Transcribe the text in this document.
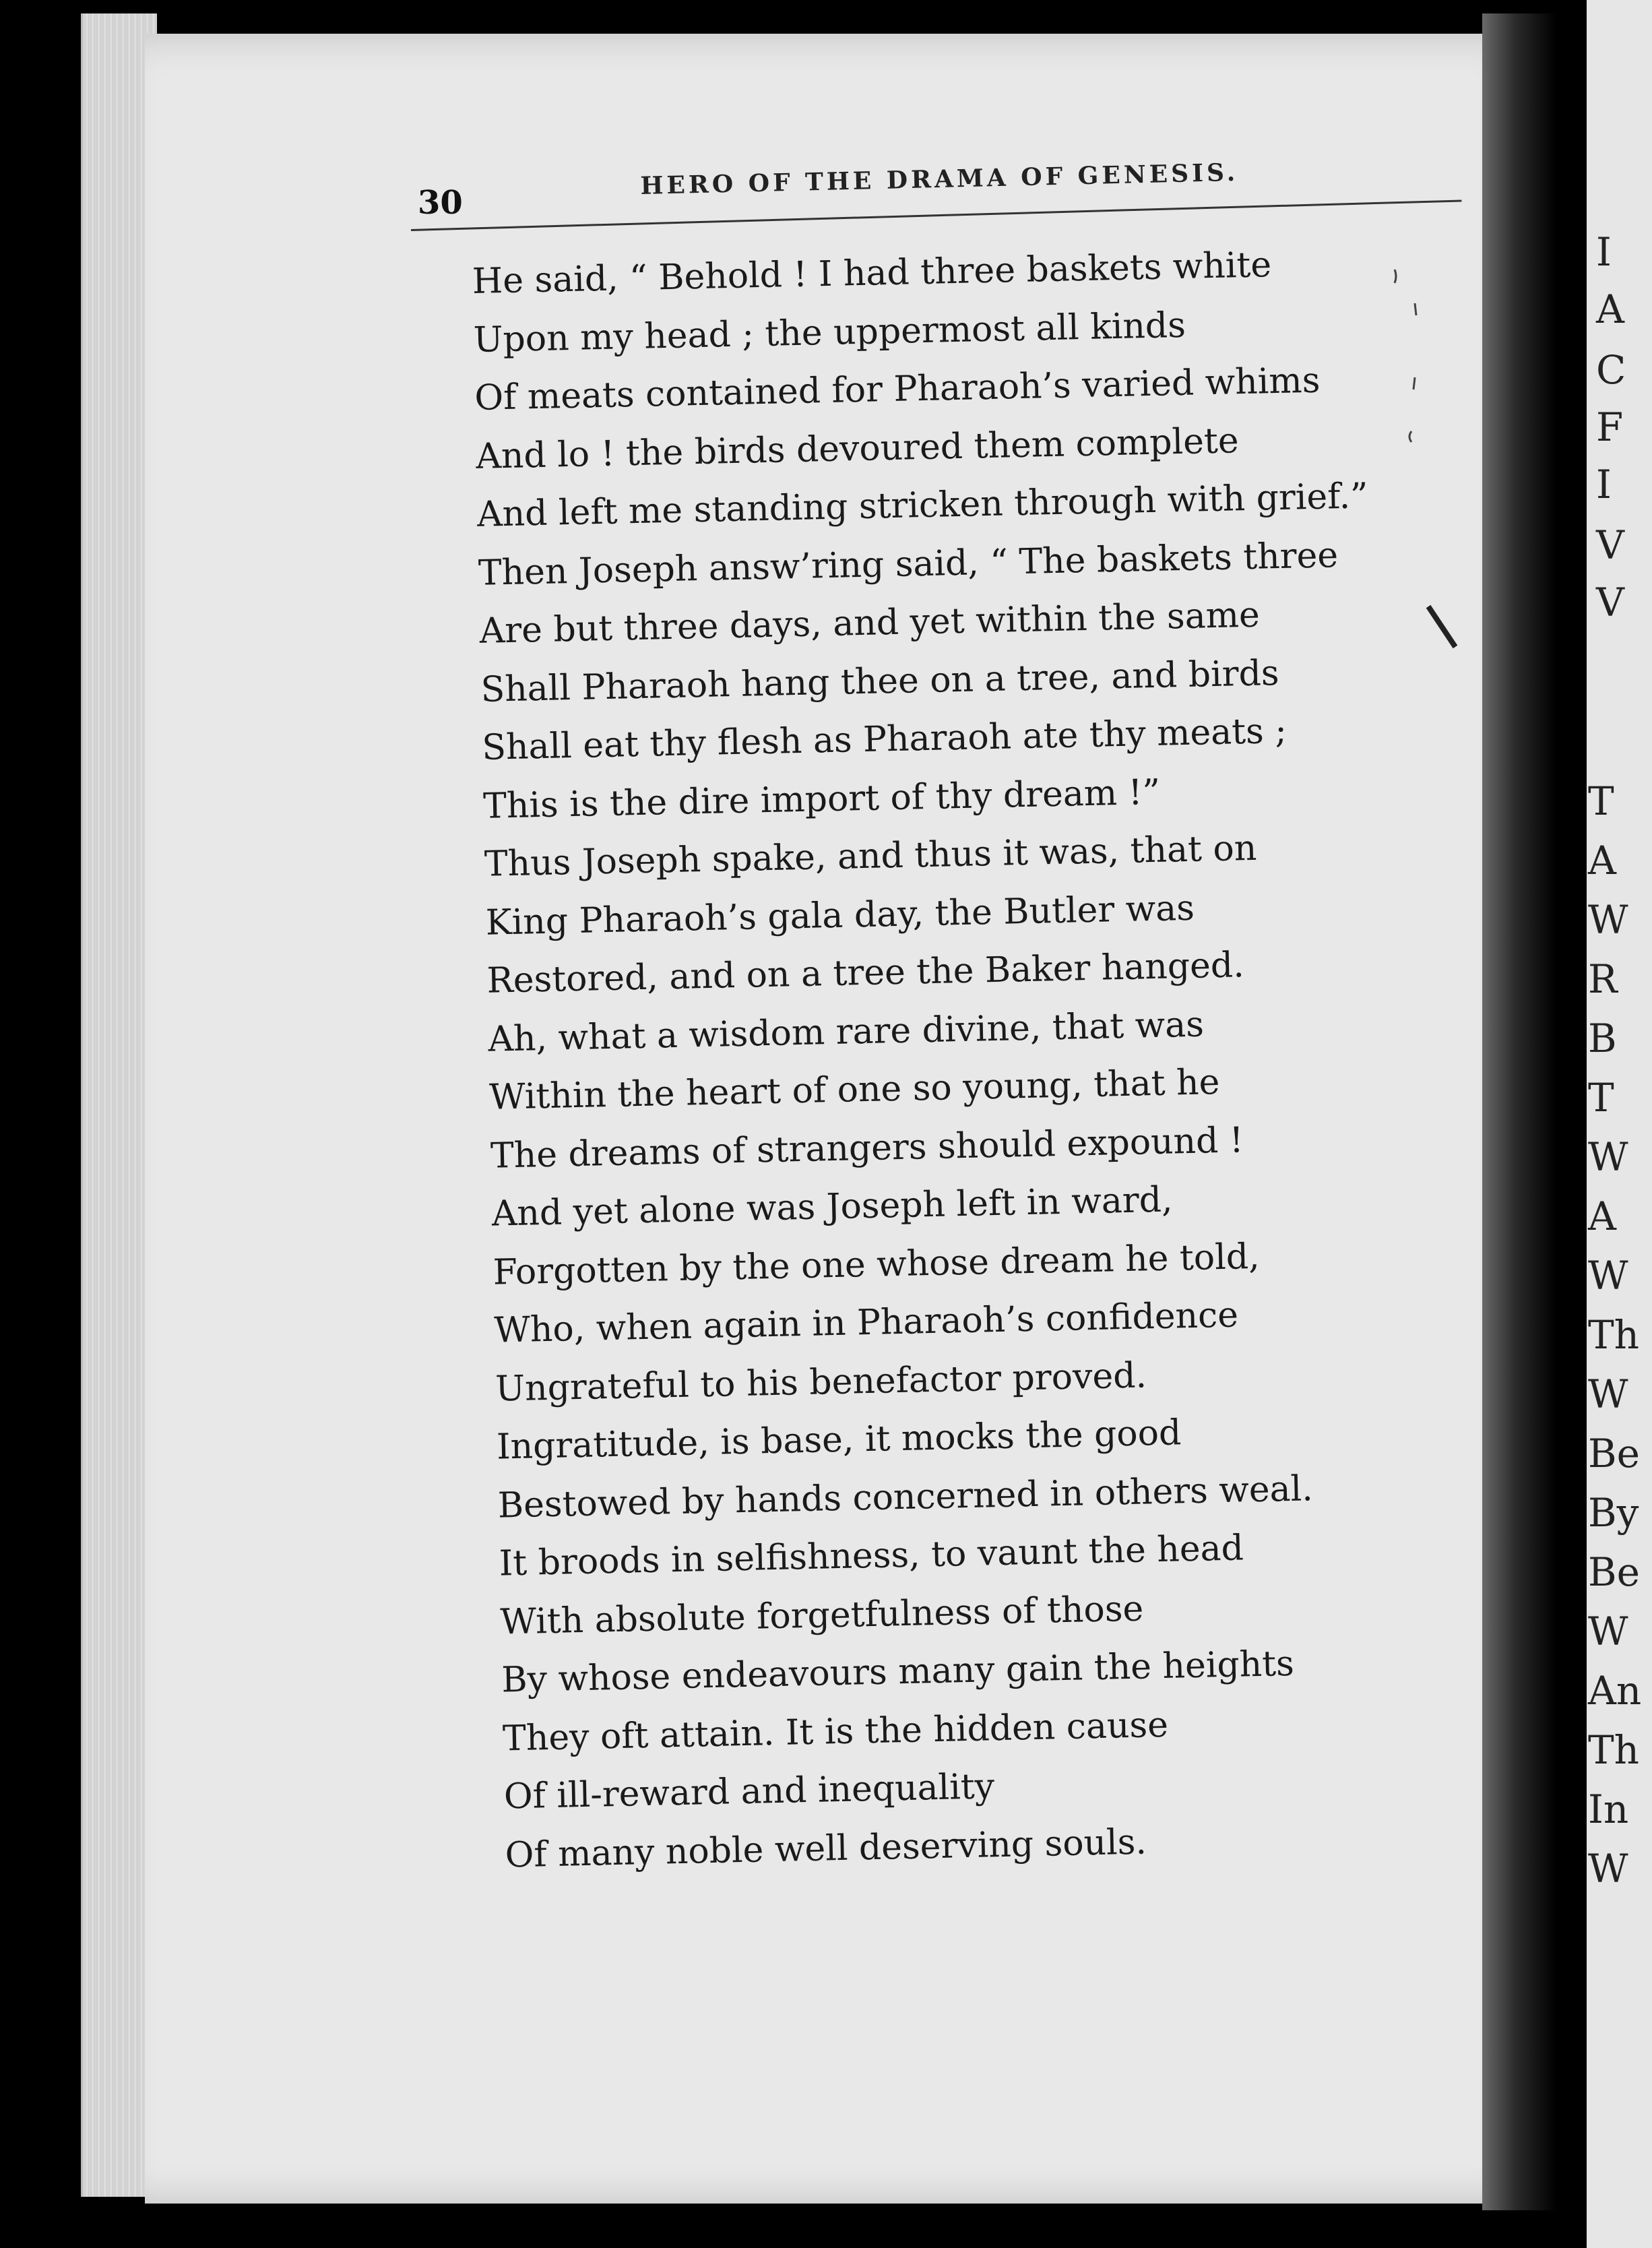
I
A
C
F
I
V
V
T
A
W
R
B
T
W
A
W
Th
W
Be
By
Be
W
An
Th
In
W
30
HERO OF THE DRAMA OF GENESIS.
He said, “ Behold ! I had three baskets white
Upon my head ; the uppermost all kinds
Of meats contained for Pharaoh’s varied whims
And lo ! the birds devoured them complete
And left me standing stricken through with grief.”
Then Joseph answ’ring said, “ The baskets three
Are but three days, and yet within the same
Shall Pharaoh hang thee on a tree, and birds
Shall eat thy flesh as Pharaoh ate thy meats ;
This is the dire import of thy dream !”
Thus Joseph spake, and thus it was, that on
King Pharaoh’s gala day, the Butler was
Restored, and on a tree the Baker hanged.
Ah, what a wisdom rare divine, that was
Within the heart of one so young, that he
The dreams of strangers should expound !
And yet alone was Joseph left in ward,
Forgotten by the one whose dream he told,
Who, when again in Pharaoh’s confidence
Ungrateful to his benefactor proved.
Ingratitude, is base, it mocks the good
Bestowed by hands concerned in others weal.
It broods in selfishness, to vaunt the head
With absolute forgetfulness of those
By whose endeavours many gain the heights
They oft attain. It is the hidden cause
Of ill-reward and inequality
Of many noble well deserving souls.
